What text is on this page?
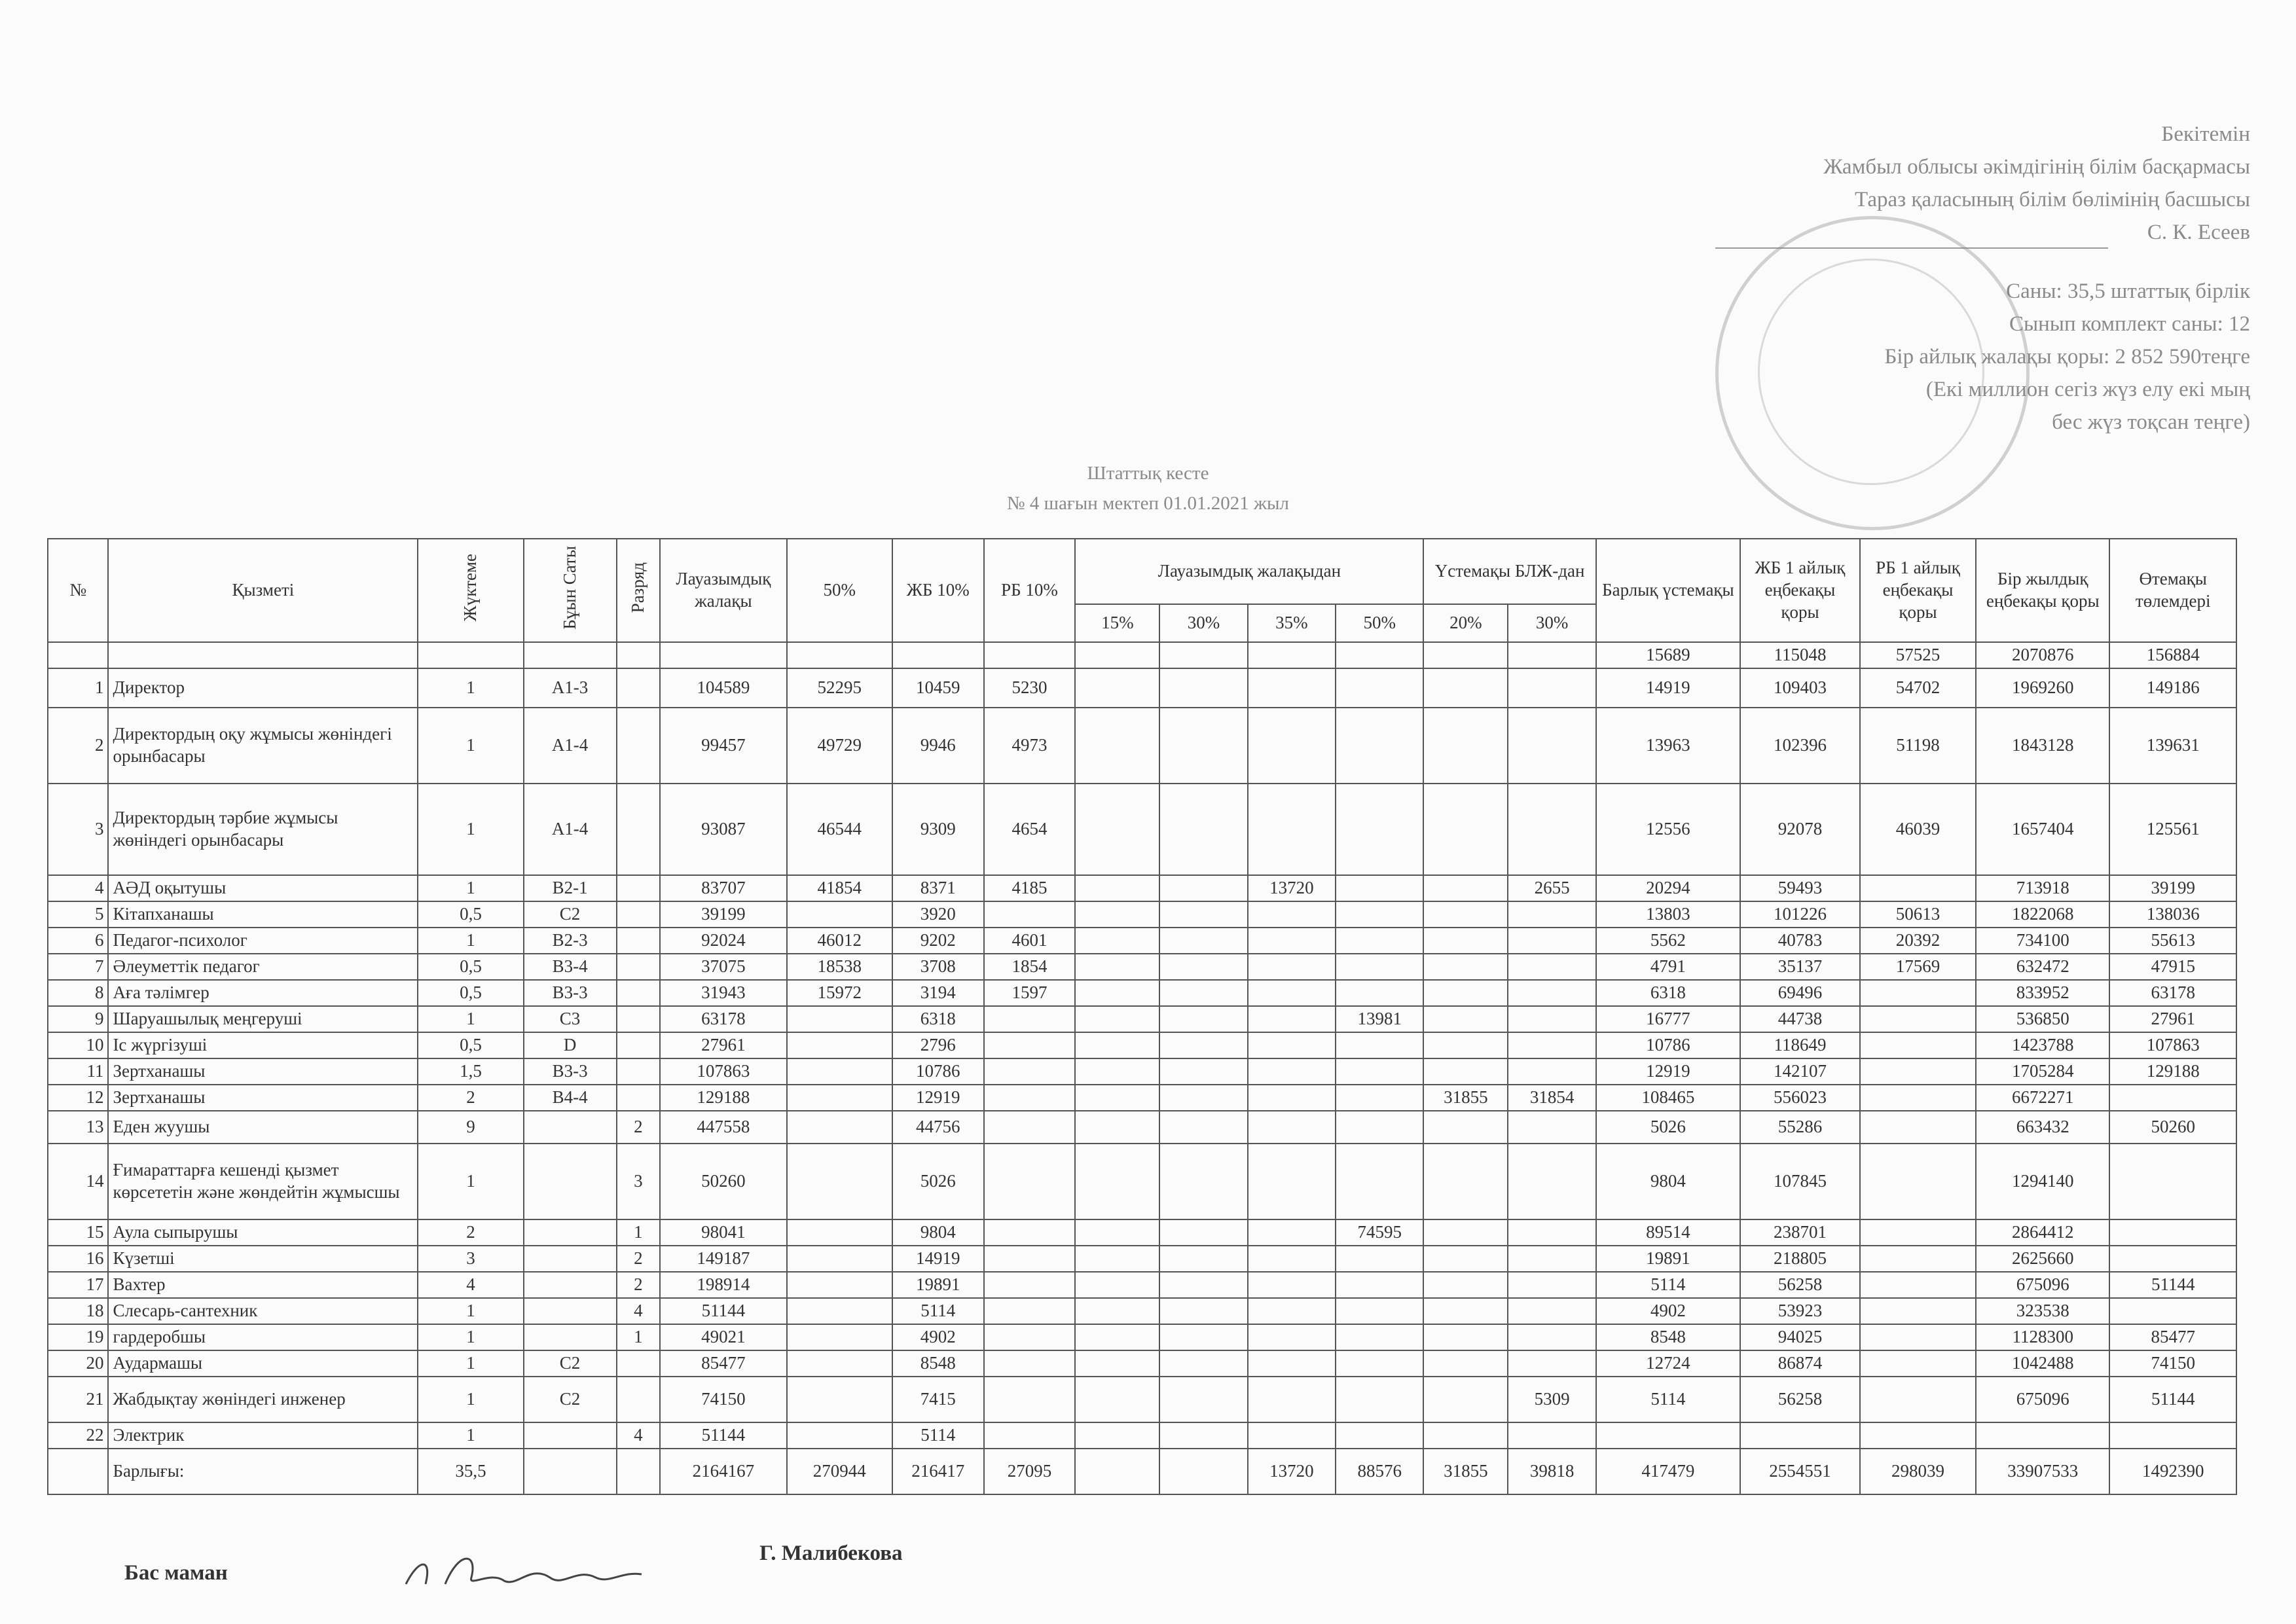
Бекітемін
Жамбыл облысы әкімдігінің білім басқармасы
Тараз қаласының білім бөлімінің басшысы
С. К. Есеев
Саны: 35,5 штаттық бірлік
Сынып комплект саны: 12
Бір айлық жалақы қоры: 2 852 590теңге
(Екі миллион сегіз жүз елу екі мың
бес жүз тоқсан теңге)
Штаттық кесте
№ 4 шағын мектеп 01.01.2021 жыл
№	Қызметі	Жүктеме	Бұын Саты	Разряд	Лауазымдық жалақы	50%	ЖБ 10%	РБ 10%	Лауазымдық жалақыдан				Үстемақы БЛЖ-дан		Барлық үстемақы	ЖБ 1 айлық еңбекақы қоры	РБ 1 айлық еңбекақы қоры	Бір жылдық еңбекақы қоры	Өтемақы төлемдері
									15%	30%	35%	50%	20%	30%					
															15689	115048	57525	2070876	156884
1	Директор	1	А1-3		104589	52295	10459	5230							14919	109403	54702	1969260	149186
2	Директордың оқу жұмысы жөніндегі орынбасары	1	А1-4		99457	49729	9946	4973							13963	102396	51198	1843128	139631
3	Директордың тәрбие жұмысы жөніндегі орынбасары	1	А1-4		93087	46544	9309	4654							12556	92078	46039	1657404	125561
4	АӘД оқытушы	1	В2-1		83707	41854	8371	4185			13720			2655	20294	59493		713918	39199
5	Кітапханашы	0,5	С2		39199		3920								13803	101226	50613	1822068	138036
6	Педагог-психолог	1	В2-3		92024	46012	9202	4601							5562	40783	20392	734100	55613
7	Әлеуметтік педагог	0,5	В3-4		37075	18538	3708	1854							4791	35137	17569	632472	47915
8	Аға тәлімгер	0,5	В3-3		31943	15972	3194	1597							6318	69496		833952	63178
9	Шаруашылық меңгеруші	1	С3		63178		6318					13981			16777	44738		536850	27961
10	Іс жүргізуші	0,5	D		27961		2796								10786	118649		1423788	107863
11	Зертханашы	1,5	В3-3		107863		10786								12919	142107		1705284	129188
12	Зертханашы	2	В4-4		129188		12919						31855	31854	108465	556023		6672271	
13	Еден жуушы	9		2	447558		44756								5026	55286		663432	50260
14	Ғимараттарға кешенді қызмет көрсететін және жөндейтін жұмысшы	1		3	50260		5026								9804	107845		1294140	
15	Аула сыпырушы	2		1	98041		9804					74595			89514	238701		2864412	
16	Күзетші	3		2	149187		14919								19891	218805		2625660	
17	Вахтер	4		2	198914		19891								5114	56258		675096	51144
18	Слесарь-сантехник	1		4	51144		5114								4902	53923		323538	
19	гардеробшы	1		1	49021		4902								8548	94025		1128300	85477
20	Аудармашы	1	С2		85477		8548								12724	86874		1042488	74150
21	Жабдықтау жөніндегі инженер	1	С2		74150		7415							5309	5114	56258		675096	51144
22	Электрик	1		4	51144		5114												
	Барлығы:	35,5			2164167	270944	216417	27095			13720	88576	31855	39818	417479	2554551	298039	33907533	1492390
Бас маман
Г. Малибекова
